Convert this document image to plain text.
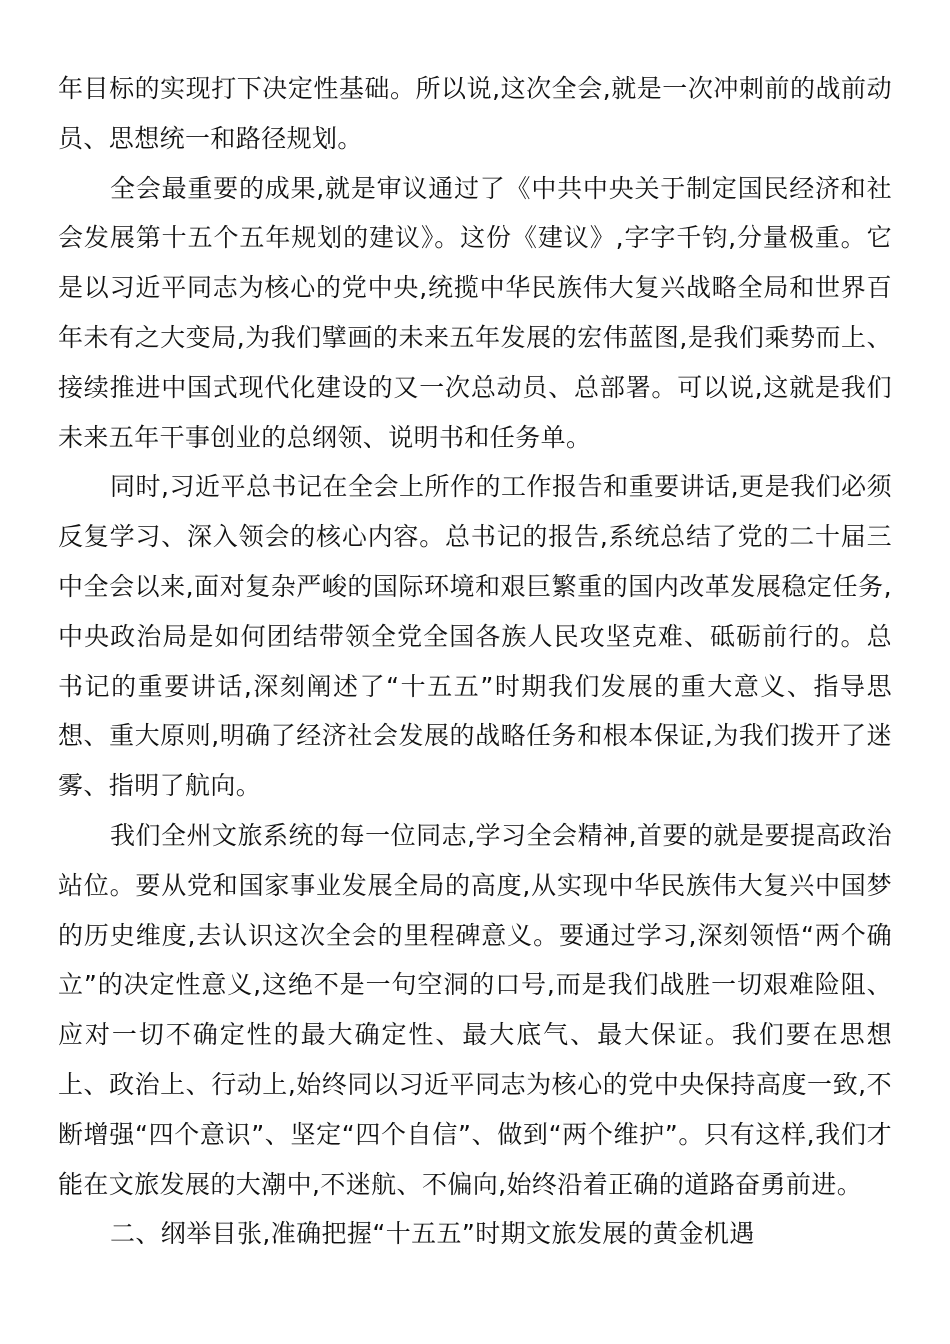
年目标的实现打下决定性基础。所以说,这次全会,就是一次冲刺前的战前动员、思想统一和路径规划。

全会最重要的成果,就是审议通过了《中共中央关于制定国民经济和社会发展第十五个五年规划的建议》。这份《建议》,字字千钧,分量极重。它是以习近平同志为核心的党中央,统揽中华民族伟大复兴战略全局和世界百年未有之大变局,为我们擘画的未来五年发展的宏伟蓝图,是我们乘势而上、接续推进中国式现代化建设的又一次总动员、总部署。可以说,这就是我们未来五年干事创业的总纲领、说明书和任务单。

同时,习近平总书记在全会上所作的工作报告和重要讲话,更是我们必须反复学习、深入领会的核心内容。总书记的报告,系统总结了党的二十届三中全会以来,面对复杂严峻的国际环境和艰巨繁重的国内改革发展稳定任务,中央政治局是如何团结带领全党全国各族人民攻坚克难、砥砺前行的。总书记的重要讲话,深刻阐述了“十五五”时期我们发展的重大意义、指导思想、重大原则,明确了经济社会发展的战略任务和根本保证,为我们拨开了迷雾、指明了航向。

我们全州文旅系统的每一位同志,学习全会精神,首要的就是要提高政治站位。要从党和国家事业发展全局的高度,从实现中华民族伟大复兴中国梦的历史维度,去认识这次全会的里程碑意义。要通过学习,深刻领悟“两个确立”的决定性意义,这绝不是一句空洞的口号,而是我们战胜一切艰难险阻、应对一切不确定性的最大确定性、最大底气、最大保证。我们要在思想上、政治上、行动上,始终同以习近平同志为核心的党中央保持高度一致,不断增强“四个意识”、坚定“四个自信”、做到“两个维护”。只有这样,我们才能在文旅发展的大潮中,不迷航、不偏向,始终沿着正确的道路奋勇前进。

二、纲举目张,准确把握“十五五”时期文旅发展的黄金机遇
